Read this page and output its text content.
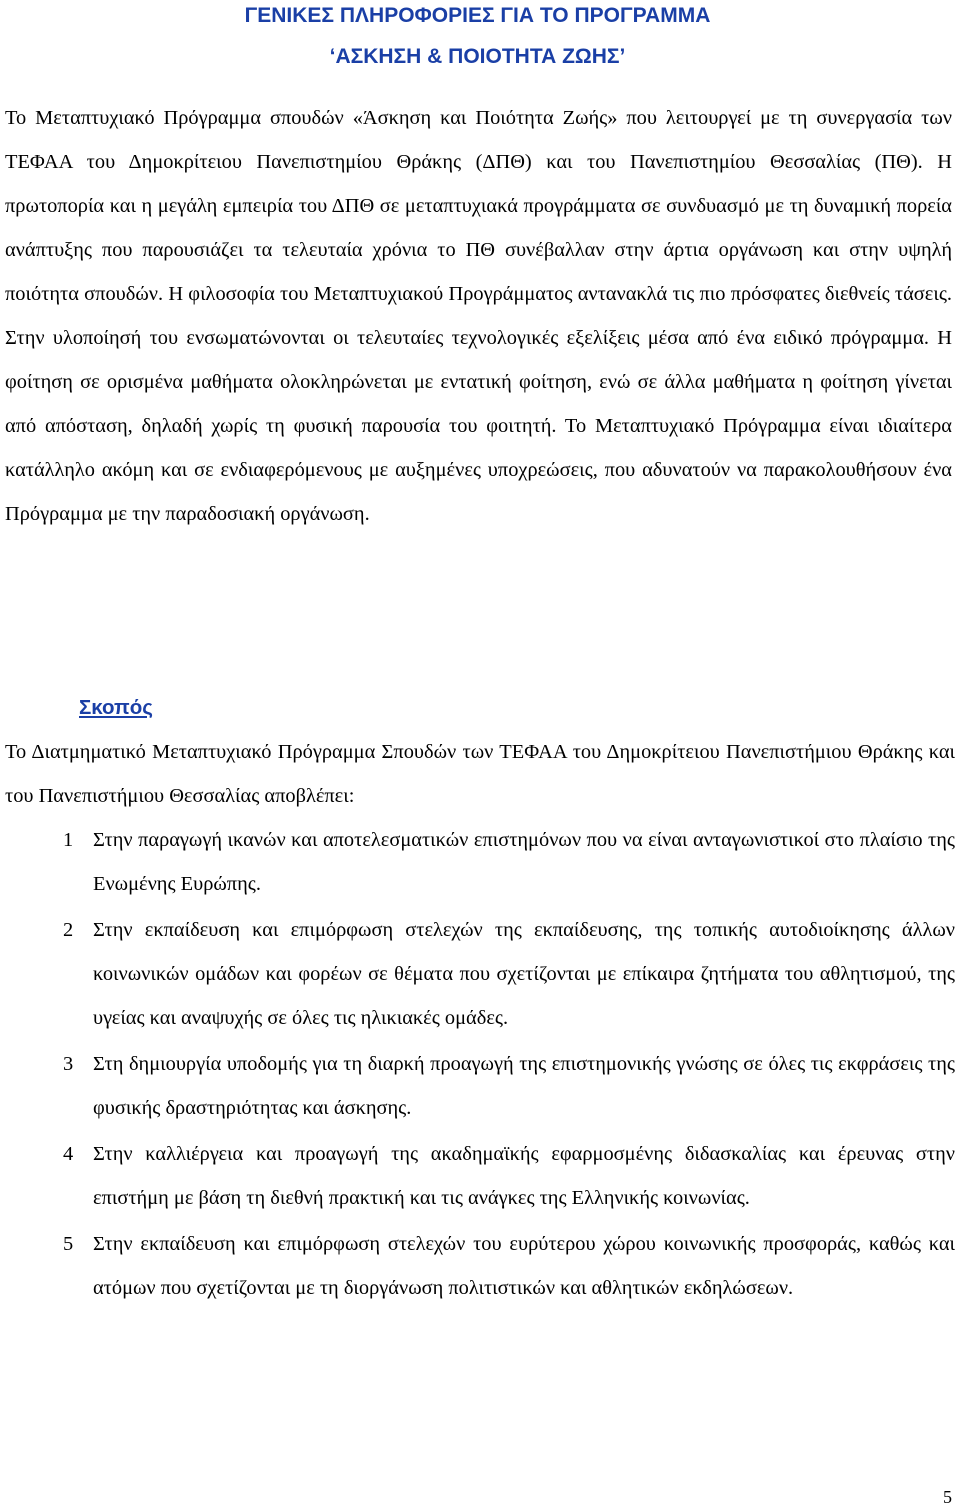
ΓΕΝΙΚΕΣ ΠΛΗΡΟΦΟΡΙΕΣ ΓΙΑ ΤΟ ΠΡΟΓΡΑΜΜΑ
‘ΑΣΚΗΣΗ & ΠΟΙΟΤΗΤΑ ΖΩΗΣ’

Το Μεταπτυχιακό Πρόγραμμα σπουδών «Άσκηση και Ποιότητα Ζωής» που λειτουργεί με τη συνεργασία των ΤΕΦΑΑ του Δημοκρίτειου Πανεπιστημίου Θράκης (ΔΠΘ) και του Πανεπιστημίου Θεσσαλίας (ΠΘ). Η πρωτοπορία και η μεγάλη εμπειρία του ΔΠΘ σε μεταπτυχιακά προγράμματα σε συνδυασμό με τη δυναμική πορεία ανάπτυξης που παρουσιάζει τα τελευταία χρόνια το ΠΘ συνέβαλλαν στην άρτια οργάνωση και στην υψηλή ποιότητα σπουδών. Η φιλοσοφία του Μεταπτυχιακού Προγράμματος αντανακλά τις πιο πρόσφατες διεθνείς τάσεις. Στην υλοποίησή του ενσωματώνονται οι τελευταίες τεχνολογικές εξελίξεις μέσα από ένα ειδικό πρόγραμμα. Η φοίτηση σε ορισμένα μαθήματα ολοκληρώνεται με εντατική φοίτηση, ενώ σε άλλα μαθήματα η φοίτηση γίνεται από απόσταση, δηλαδή χωρίς τη φυσική παρουσία του φοιτητή. Το Μεταπτυχιακό Πρόγραμμα είναι ιδιαίτερα κατάλληλο ακόμη και σε ενδιαφερόμενους με αυξημένες υποχρεώσεις, που αδυνατούν να παρακολουθήσουν ένα Πρόγραμμα με την παραδοσιακή οργάνωση.

Σκοπός

Το Διατμηματικό Μεταπτυχιακό Πρόγραμμα Σπουδών των ΤΕΦΑΑ του Δημοκρίτειου Πανεπιστήμιου Θράκης και του Πανεπιστήμιου Θεσσαλίας αποβλέπει:

1 Στην παραγωγή ικανών και αποτελεσματικών επιστημόνων που να είναι ανταγωνιστικοί στο πλαίσιο της Ενωμένης Ευρώπης.
2 Στην εκπαίδευση και επιμόρφωση στελεχών της εκπαίδευσης, της τοπικής αυτοδιοίκησης άλλων κοινωνικών ομάδων και φορέων σε θέματα που σχετίζονται με επίκαιρα ζητήματα του αθλητισμού, της υγείας και αναψυχής σε όλες τις ηλικιακές ομάδες.
3 Στη δημιουργία υποδομής για τη διαρκή προαγωγή της επιστημονικής γνώσης σε όλες τις εκφράσεις της φυσικής δραστηριότητας και άσκησης.
4 Στην καλλιέργεια και προαγωγή της ακαδημαϊκής εφαρμοσμένης διδασκαλίας και έρευνας στην επιστήμη με βάση τη διεθνή πρακτική και τις ανάγκες της Ελληνικής κοινωνίας.
5 Στην εκπαίδευση και επιμόρφωση στελεχών του ευρύτερου χώρου κοινωνικής προσφοράς, καθώς και ατόμων που σχετίζονται με τη διοργάνωση πολιτιστικών και αθλητικών εκδηλώσεων.
5
